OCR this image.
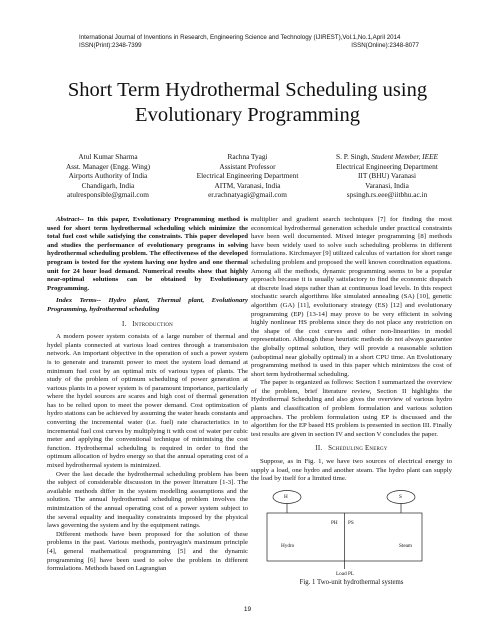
International Journal of Inventions in Research, Engineering Science and Technology (IJIREST),Vol.1,No.1,April 2014
ISSN(Print):2348-7399	ISSN(Online):2348-8077
Short Term Hydrothermal Scheduling using Evolutionary Programming
Atul Kumar Sharma
Asst. Manager (Engg. Wing)
Airports Authority of India
Chandigarh, India
atulresponsible@gmail.com
Rachna Tyagi
Assistant Professor
Electrical Engineering Department
AITM, Varanasi, India
er.rachnatyagi@gmail.com
S. P. Singh, Student Member, IEEE
Electrical Engineering Department
IIT (BHU) Varanasi
Varanasi, India
spsingh.rs.eee@iitbhu.ac.in

Abstract-- In this paper, Evolutionary Programming method is used for short term hydrothermal scheduling which minimize the total fuel cost while satisfying the constraints. This paper developed and studies the performance of evolutionary programs in solving hydrothermal scheduling problem. The effectiveness of the developed program is tested for the system having one hydro and one thermal unit for 24 hour load demand. Numerical results show that highly near-optimal solutions can be obtained by Evolutionary Programming.

Index Terms-- Hydro plant, Thermal plant, Evolutionary Programming, hydrothermal scheduling

I. Introduction

A modern power system consists of a large number of thermal and hydel plants connected at various load centres through a transmission network. An important objective in the operation of such a power system is to generate and transmit power to meet the system load demand at minimum fuel cost by an optimal mix of various types of plants. The study of the problem of optimum scheduling of power generation at various plants in a power system is of paramount importance, particularly where the hydel sources are scares and high cost of thermal generation has to be relied upon to meet the power demand. Cost optimization of hydro stations can be achieved by assuming the water heads constants and converting the incremental water (i.e. fuel) rate characteristics in to incremental fuel cost curves by multiplying it with cost of water per cubic meter and applying the conventional technique of minimising the cost function. Hydrothermal scheduling is required in order to find the optimum allocation of hydro energy so that the annual operating cost of a mixed hydrothermal system is minimized.

Over the last decade the hydrothermal scheduling problem has been the subject of considerable discussion in the power literature [1-3]. The available methods differ in the system modelling assumptions and the solution. The annual hydrothermal scheduling problem involves the minimization of the annual operating cost of a power system subject to the several equality and inequality constraints imposed by the physical laws governing the system and by the equipment ratings.

Different methods have been proposed for the solution of these problems in the past. Various methods, pontryagin's maximum principle [4], general mathematical programming [5] and the dynamic programming [6] have been used to solve the problem in different formulations. Methods based on Lagrangian

multiplier and gradient search techniques [7] for finding the most economical hydrothermal generation schedule under practical constraints have been well documented. Mixed integer programming [8] methods have been widely used to solve such scheduling problems in different formulations. Kirchmayer [9] utilized calculus of variation for short range scheduling problem and proposed the well known coordination equations. Among all the methods, dynamic programming seems to be a popular approach because it is usually satisfactory to find the economic dispatch at discrete load steps rather than at continuous load levels. In this respect stochastic search algorithms like simulated annealing (SA) [10], genetic algorithm (GA) [11], evolutionary strategy (ES) [12] and evolutionary programming (EP) [13-14] may prove to be very efficient in solving highly nonlinear HS problems since they do not place any restriction on the shape of the cost curves and other non-linearities in model representation. Although these heuristic methods do not always guarantee the globally optimal solution, they will provide a reasonable solution (suboptimal near globally optimal) in a short CPU time. An Evolutionary programming method is used in this paper which minimizes the cost of short term hydrothermal scheduling.

The paper is organized as follows: Section I summarized the overview of the problem, brief literature review, Section II highlights the Hydrothermal Scheduling and also gives the overview of various hydro plants and classification of problem formulation and various solution approaches. The problem formulation using EP is discussed and the algorithm for the EP based HS problem is presented in section III. Finally test results are given in section IV and section V concludes the paper.

II. Scheduling Energy

Suppose, as in Fig. 1, we have two sources of electrical energy to supply a load, one hydro and another steam. The hydro plant can supply the load by itself for a limited time.

H	S
PH PS
Hydro	Steam
Load PL
Fig. 1 Two-unit hydrothermal systems
19
